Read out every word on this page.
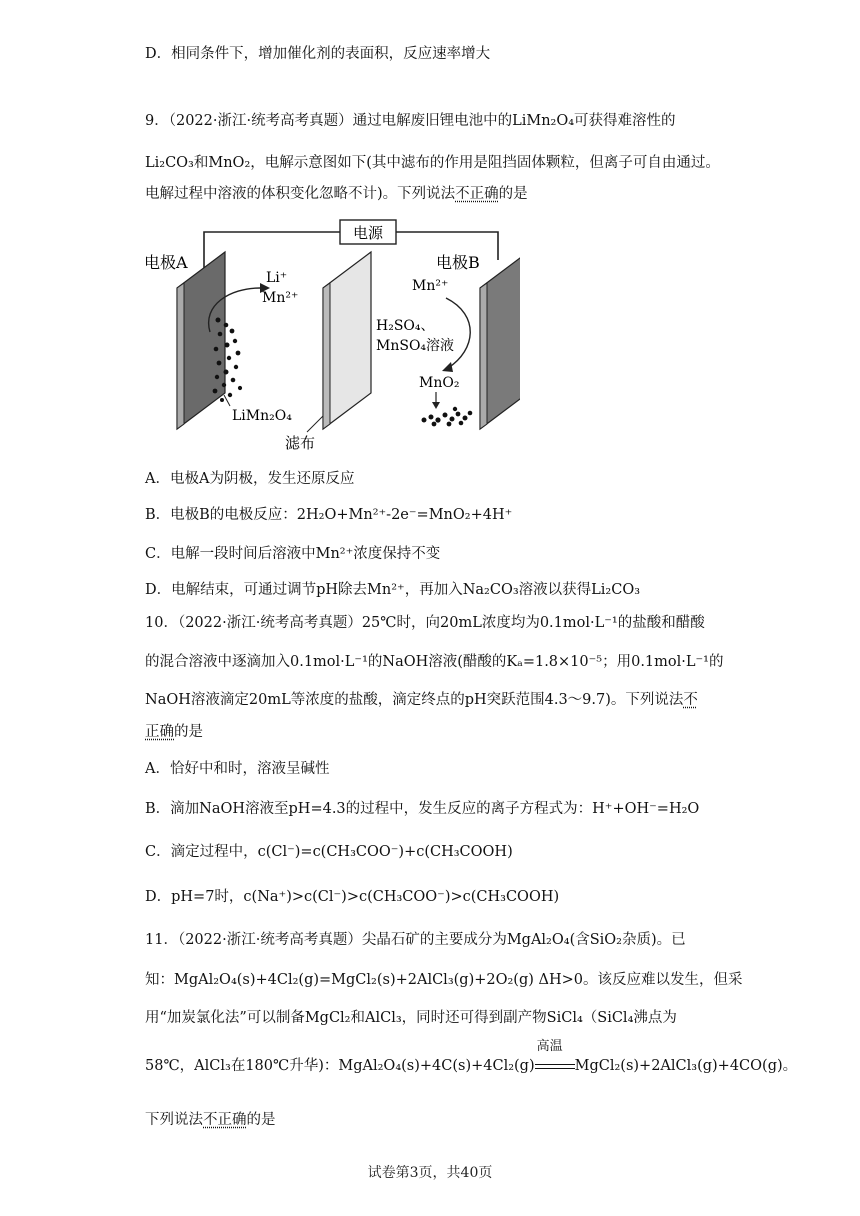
D．相同条件下，增加催化剂的表面积，反应速率增大
9．（2022·浙江·统考高考真题）通过电解废旧锂电池中的LiMn₂O₄可获得难溶性的
Li₂CO₃和MnO₂，电解示意图如下(其中滤布的作用是阻挡固体颗粒，但离子可自由通过。
电解过程中溶液的体积变化忽略不计)。下列说法不正确的是
电源
电极A
Li⁺
Mn²⁺
LiMn₂O₄
滤布
H₂SO₄、
MnSO₄溶液
电极B
Mn²⁺
MnO₂
A．电极A为阴极，发生还原反应
B．电极B的电极反应：2H₂O+Mn²⁺-2e⁻=MnO₂+4H⁺
C．电解一段时间后溶液中Mn²⁺浓度保持不变
D．电解结束，可通过调节pH除去Mn²⁺，再加入Na₂CO₃溶液以获得Li₂CO₃
10．（2022·浙江·统考高考真题）25℃时，向20mL浓度均为0.1mol·L⁻¹的盐酸和醋酸
的混合溶液中逐滴加入0.1mol·L⁻¹的NaOH溶液(醋酸的Kₐ=1.8×10⁻⁵；用0.1mol·L⁻¹的
NaOH溶液滴定20mL等浓度的盐酸，滴定终点的pH突跃范围4.3～9.7)。下列说法不
正确的是
A．恰好中和时，溶液呈碱性
B．滴加NaOH溶液至pH=4.3的过程中，发生反应的离子方程式为：H⁺+OH⁻=H₂O
C．滴定过程中，c(Cl⁻)=c(CH₃COO⁻)+c(CH₃COOH)
D．pH=7时，c(Na⁺)>c(Cl⁻)>c(CH₃COO⁻)>c(CH₃COOH)
11．（2022·浙江·统考高考真题）尖晶石矿的主要成分为MgAl₂O₄(含SiO₂杂质)。已
知：MgAl₂O₄(s)+4Cl₂(g)=MgCl₂(s)+2AlCl₃(g)+2O₂(g) ΔH>0。该反应难以发生，但采
用“加炭氯化法”可以制备MgCl₂和AlCl₃，同时还可得到副产物SiCl₄（SiCl₄沸点为
58℃，AlCl₃在180℃升华)：MgAl₂O₄(s)+4C(s)+4Cl₂(g)
高温
MgCl₂(s)+2AlCl₃(g)+4CO(g)。
下列说法不正确的是
试卷第3页，共40页
